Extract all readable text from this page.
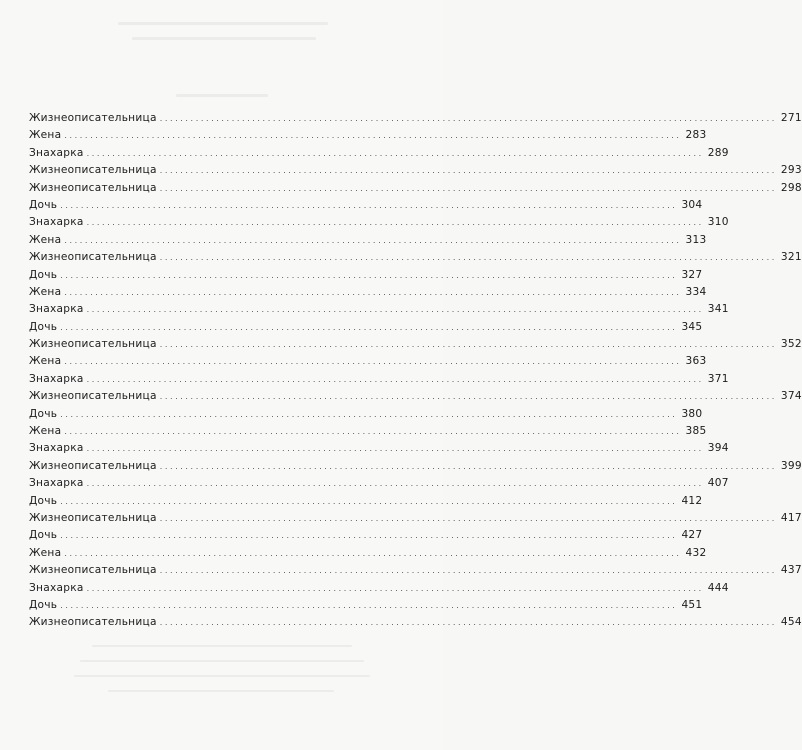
Жизнеописательница ........................................................................................................................ 271
Жена ........................................................................................................................ 283
Знахарка ........................................................................................................................ 289
Жизнеописательница ........................................................................................................................ 293
Жизнеописательница ........................................................................................................................ 298
Дочь ........................................................................................................................ 304
Знахарка ........................................................................................................................ 310
Жена ........................................................................................................................ 313
Жизнеописательница ........................................................................................................................ 321
Дочь ........................................................................................................................ 327
Жена ........................................................................................................................ 334
Знахарка ........................................................................................................................ 341
Дочь ........................................................................................................................ 345
Жизнеописательница ........................................................................................................................ 352
Жена ........................................................................................................................ 363
Знахарка ........................................................................................................................ 371
Жизнеописательница ........................................................................................................................ 374
Дочь ........................................................................................................................ 380
Жена ........................................................................................................................ 385
Знахарка ........................................................................................................................ 394
Жизнеописательница ........................................................................................................................ 399
Знахарка ........................................................................................................................ 407
Дочь ........................................................................................................................ 412
Жизнеописательница ........................................................................................................................ 417
Дочь ........................................................................................................................ 427
Жена ........................................................................................................................ 432
Жизнеописательница ........................................................................................................................ 437
Знахарка ........................................................................................................................ 444
Дочь ........................................................................................................................ 451
Жизнеописательница ........................................................................................................................ 454
